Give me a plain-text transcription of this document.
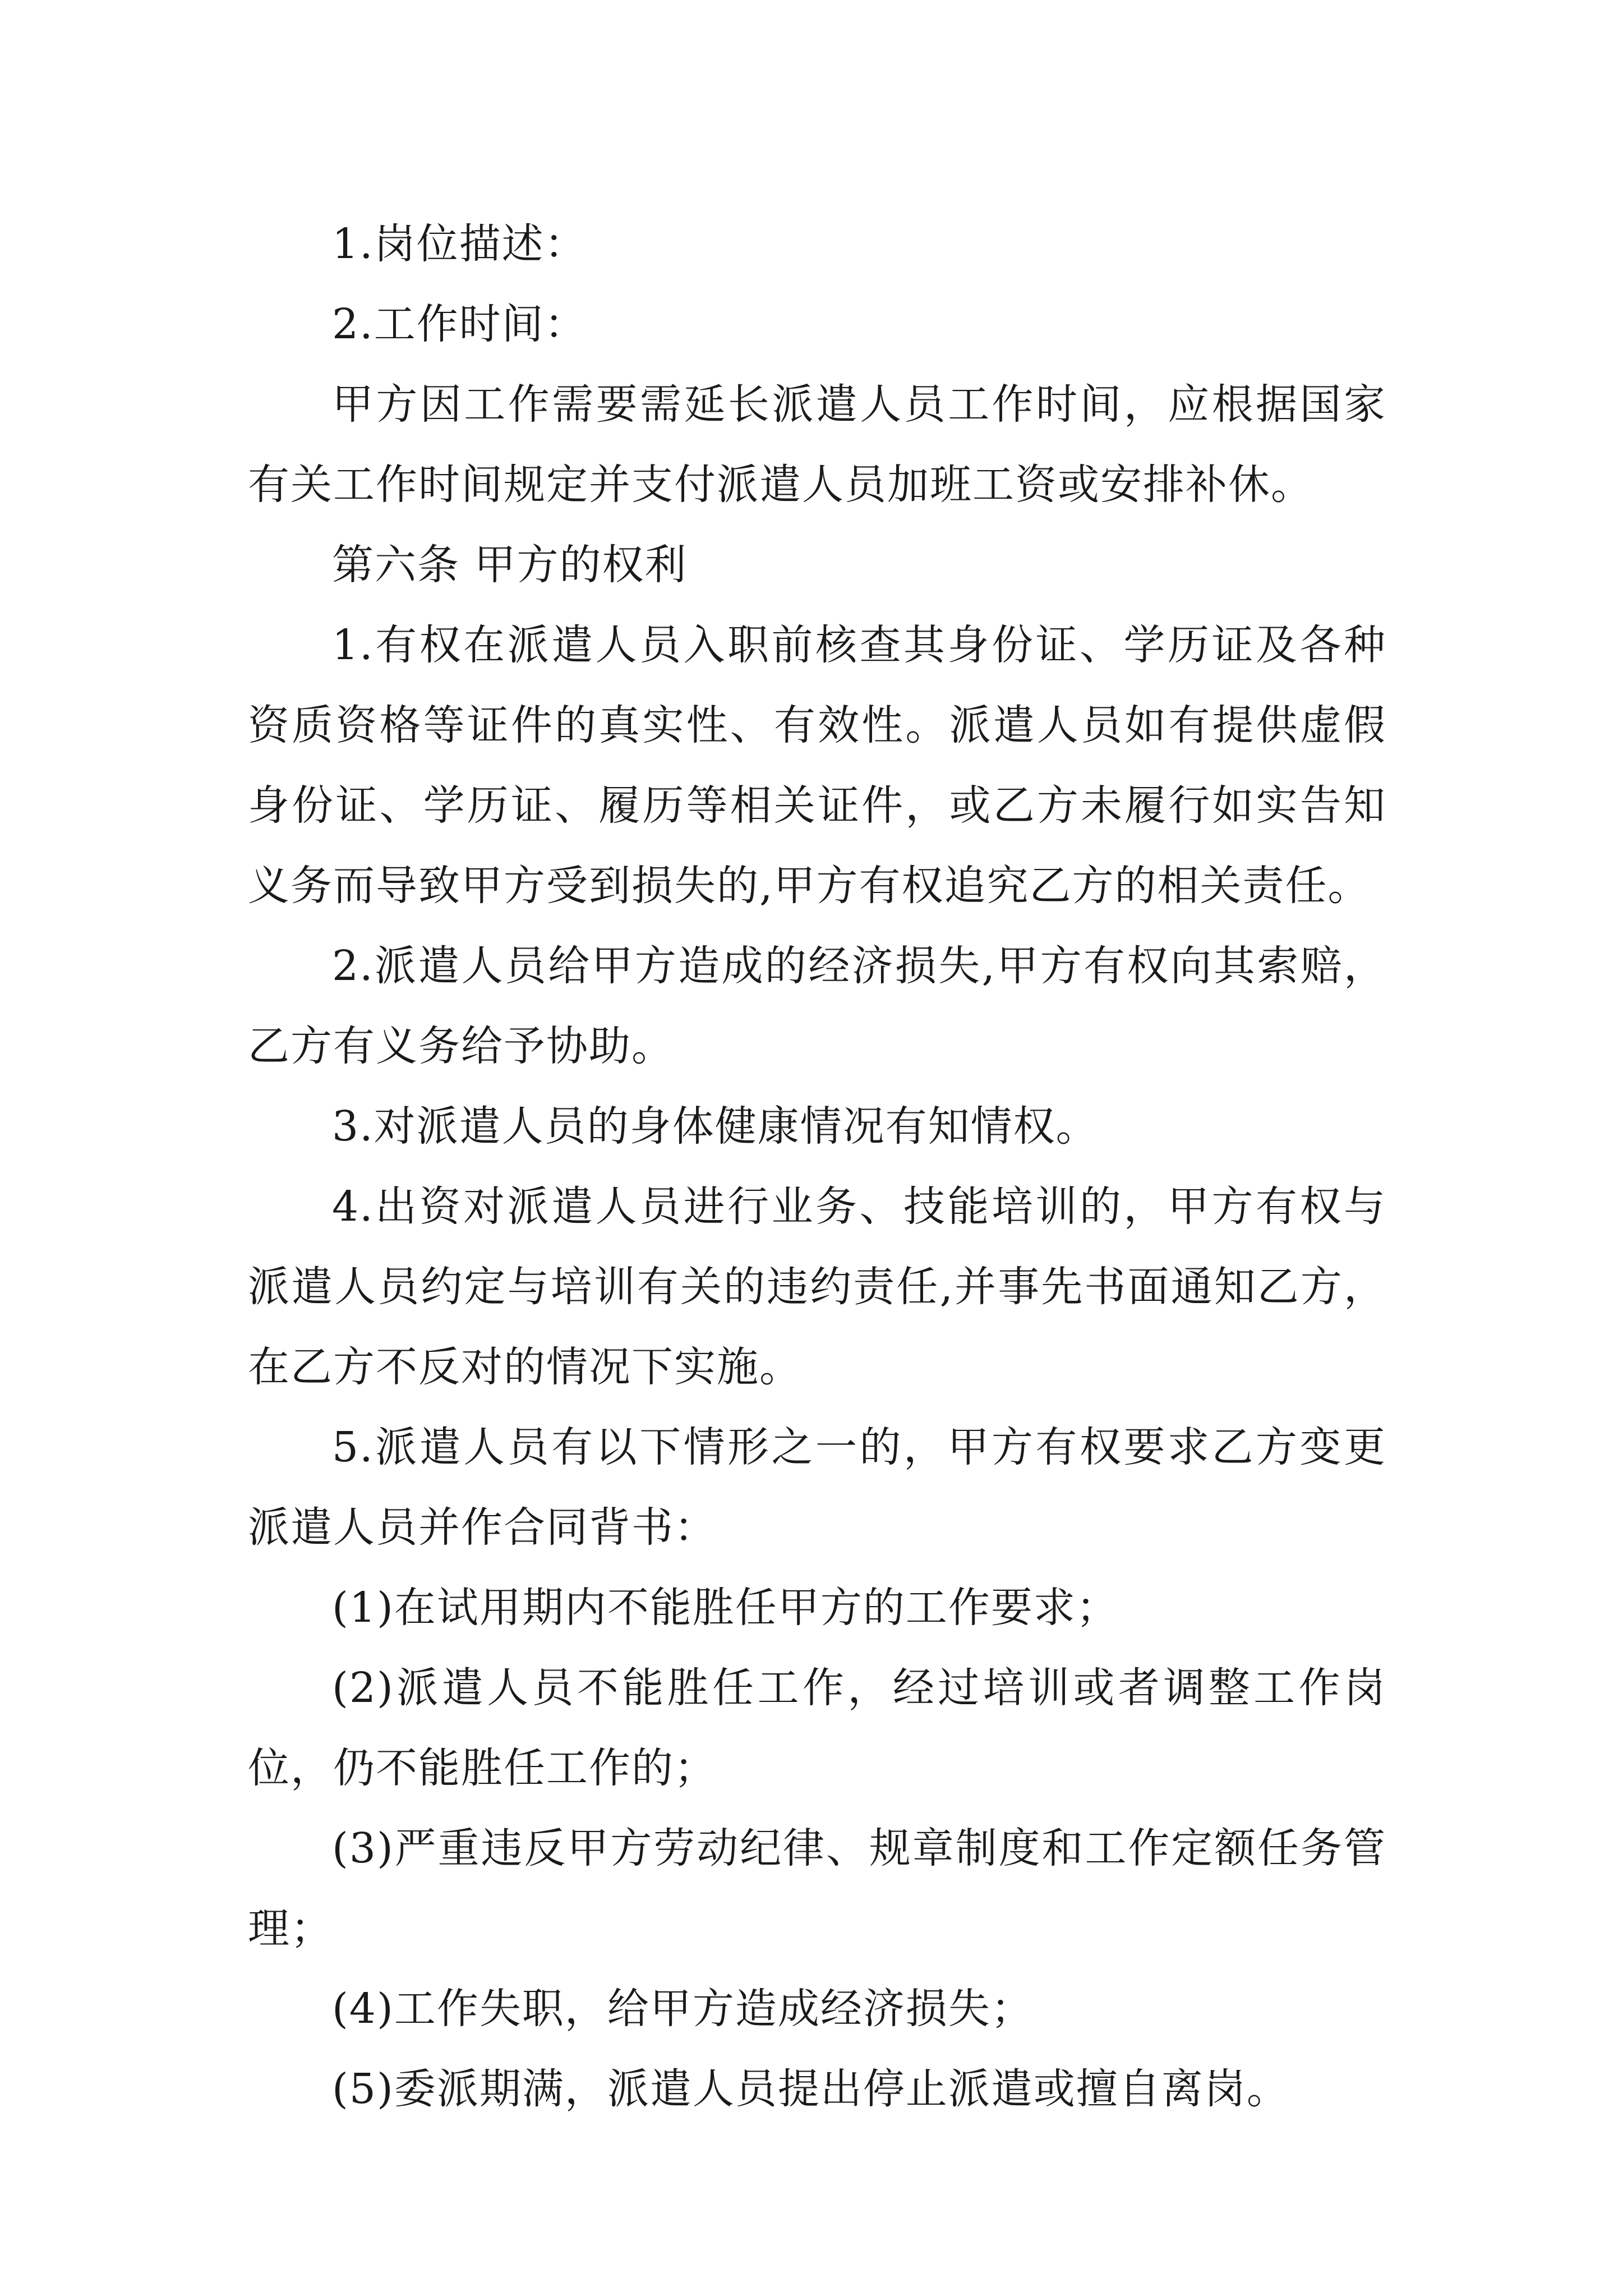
1.岗位描述：

2.工作时间：

甲方因工作需要需延长派遣人员工作时间，应根据国家有关工作时间规定并支付派遣人员加班工资或安排补休。

第六条 甲方的权利

1.有权在派遣人员入职前核查其身份证、学历证及各种资质资格等证件的真实性、有效性。派遣人员如有提供虚假身份证、学历证、履历等相关证件，或乙方未履行如实告知义务而导致甲方受到损失的,甲方有权追究乙方的相关责任。

2.派遣人员给甲方造成的经济损失,甲方有权向其索赔，乙方有义务给予协助。

3.对派遣人员的身体健康情况有知情权。

4.出资对派遣人员进行业务、技能培训的，甲方有权与派遣人员约定与培训有关的违约责任,并事先书面通知乙方，在乙方不反对的情况下实施。

5.派遣人员有以下情形之一的，甲方有权要求乙方变更派遣人员并作合同背书：

(1)在试用期内不能胜任甲方的工作要求；

(2)派遣人员不能胜任工作，经过培训或者调整工作岗位，仍不能胜任工作的；

(3)严重违反甲方劳动纪律、规章制度和工作定额任务管理；

(4)工作失职，给甲方造成经济损失；

(5)委派期满，派遣人员提出停止派遣或擅自离岗。
